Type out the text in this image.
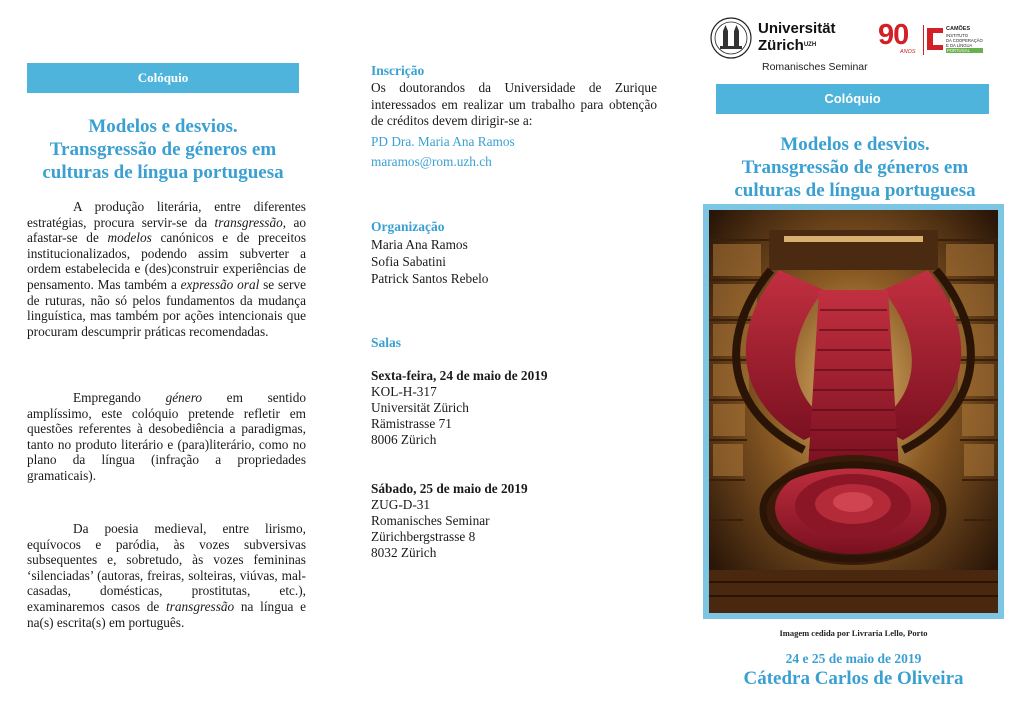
Colóquio
Modelos e desvios.
Transgressão de géneros em
culturas de língua portuguesa

A produção literária, entre diferentes estratégias, procura servir-se da transgressão, ao afastar-se de modelos canónicos e de preceitos institucionalizados, podendo assim subverter a ordem estabelecida e (des)construir experiências de pensamento. Mas também a expressão oral se serve de ruturas, não só pelos fundamentos da mudança linguística, mas também por ações intencionais que procuram descumprir práticas recomendadas.

Empregando género em sentido amplíssimo, este colóquio pretende refletir em questões referentes à desobediência a paradigmas, tanto no produto literário e (para)literário, como no plano da língua (infração a propriedades gramaticais).

Da poesia medieval, entre lirismo, equívocos e paródia, às vozes subversivas subsequentes e, sobretudo, às vozes femininas ‘silenciadas’ (autoras, freiras, solteiras, viúvas, mal-casadas, domésticas, prostitutas, etc.), examinaremos casos de transgressão na língua e na(s) escrita(s) em português.

Inscrição
Os doutorandos da Universidade de Zurique interessados em realizar um trabalho para obtenção de créditos devem dirigir-se a:
PD Dra. Maria Ana Ramos
maramos@rom.uzh.ch
Organização
Maria Ana Ramos
Sofia Sabatini
Patrick Santos Rebelo
Salas
Sexta-feira, 24 de maio de 2019
KOL-H-317
Universität Zürich
Rämistrasse 71
8006 Zürich
Sábado, 25 de maio de 2019
ZUG-D-31
Romanisches Seminar
Zürichbergstrasse 8
8032 Zürich
Universität
Zürich$^{UZH}$
Romanisches Seminar
90
ANOS
CAMÕES
INSTITUTO
DA COOPERAÇÃO
E DA LÍNGUA
PORTUGAL
Colóquio
Modelos e desvios.
Transgressão de géneros em
culturas de língua portuguesa
Imagem cedida por Livraria Lello, Porto
24 e 25 de maio de 2019
Cátedra Carlos de Oliveira
